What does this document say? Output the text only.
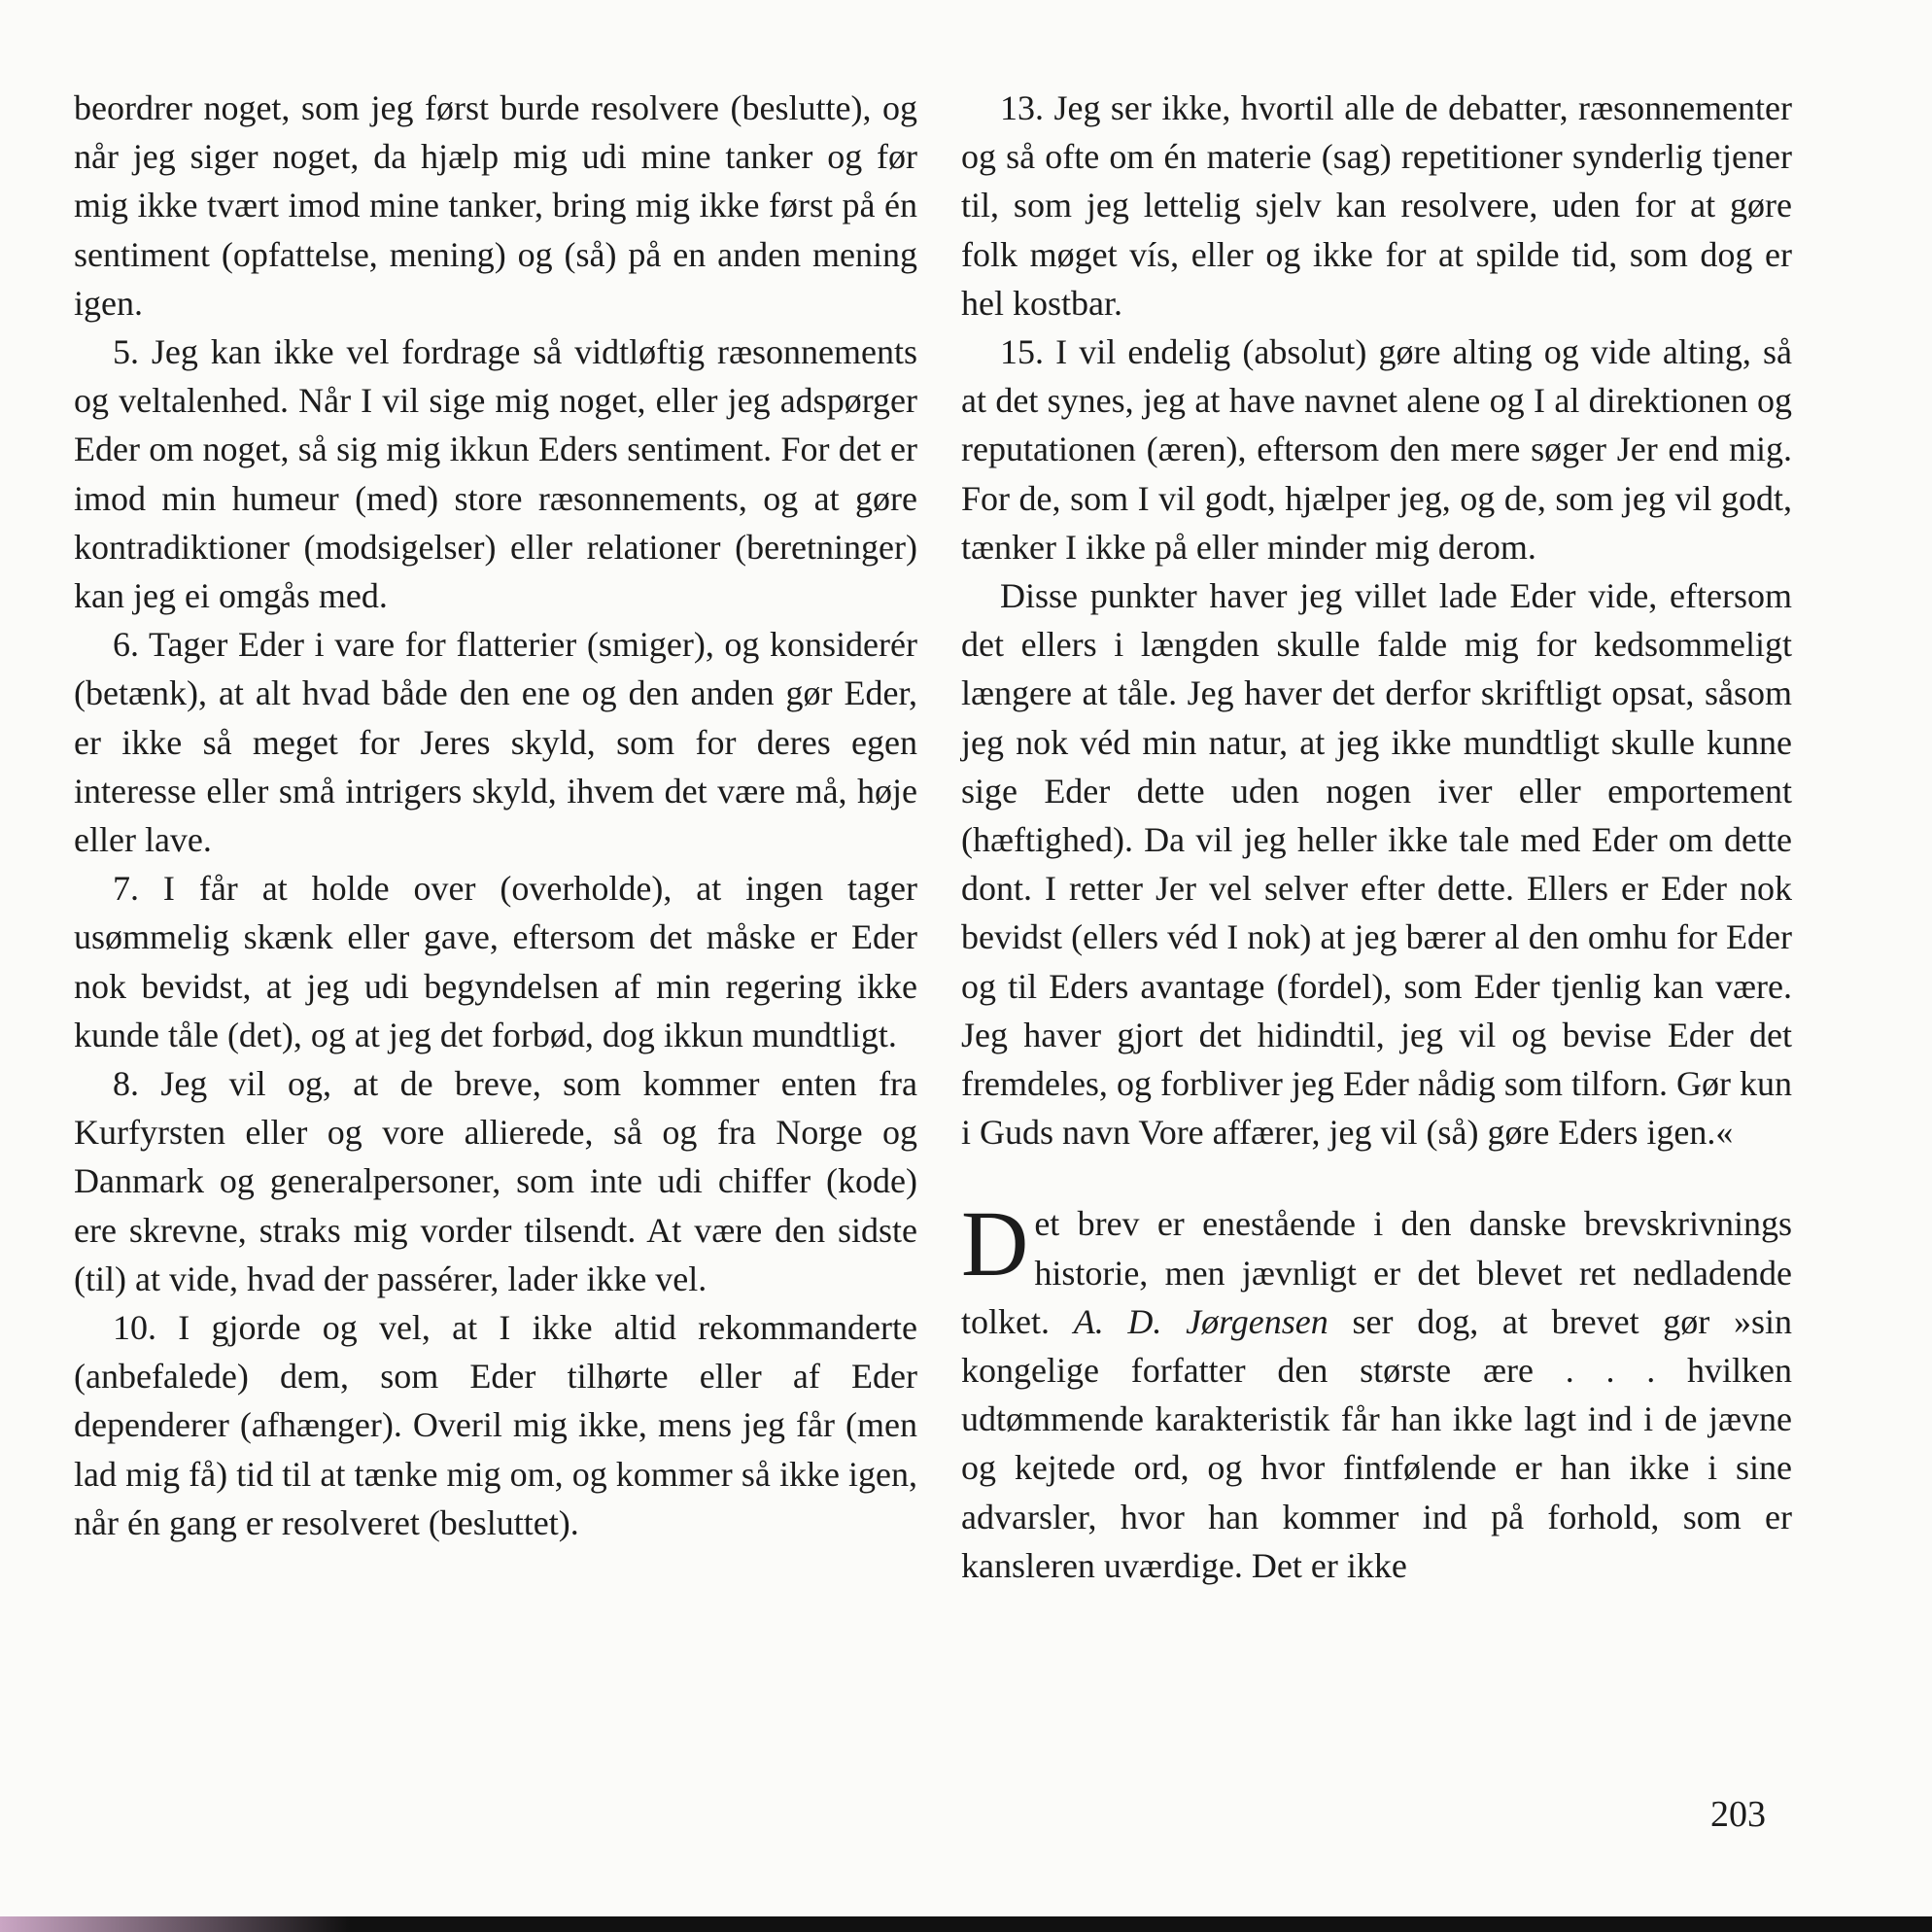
beordrer noget, som jeg først burde resolvere (beslutte), og når jeg siger noget, da hjælp mig udi mine tanker og før mig ikke tvært imod mine tanker, bring mig ikke først på én sentiment (opfattelse, mening) og (så) på en anden mening igen.

5. Jeg kan ikke vel fordrage så vidtløftig ræsonnements og veltalenhed. Når I vil sige mig noget, eller jeg adspørger Eder om noget, så sig mig ikkun Eders sentiment. For det er imod min humeur (med) store ræsonnements, og at gøre kontradiktioner (modsigelser) eller relationer (beretninger) kan jeg ei omgås med.

6. Tager Eder i vare for flatterier (smiger), og konsiderér (betænk), at alt hvad både den ene og den anden gør Eder, er ikke så meget for Jeres skyld, som for deres egen interesse eller små intrigers skyld, ihvem det være må, høje eller lave.

7. I får at holde over (overholde), at ingen tager usømmelig skænk eller gave, eftersom det måske er Eder nok bevidst, at jeg udi begyndelsen af min regering ikke kunde tåle (det), og at jeg det forbød, dog ikkun mundtligt.

8. Jeg vil og, at de breve, som kommer enten fra Kurfyrsten eller og vore allierede, så og fra Norge og Danmark og generalpersoner, som inte udi chiffer (kode) ere skrevne, straks mig vorder tilsendt. At være den sidste (til) at vide, hvad der passérer, lader ikke vel.

10. I gjorde og vel, at I ikke altid rekommanderte (anbefalede) dem, som Eder tilhørte eller af Eder dependerer (afhænger). Overil mig ikke, mens jeg får (men lad mig få) tid til at tænke mig om, og kommer så ikke igen, når én gang er resolveret (besluttet).

13. Jeg ser ikke, hvortil alle de debatter, ræsonnementer og så ofte om én materie (sag) repetitioner synderlig tjener til, som jeg lettelig sjelv kan resolvere, uden for at gøre folk møget vís, eller og ikke for at spilde tid, som dog er hel kostbar.

15. I vil endelig (absolut) gøre alting og vide alting, så at det synes, jeg at have navnet alene og I al direktionen og reputationen (æren), eftersom den mere søger Jer end mig. For de, som I vil godt, hjælper jeg, og de, som jeg vil godt, tænker I ikke på eller minder mig derom.

Disse punkter haver jeg villet lade Eder vide, eftersom det ellers i længden skulle falde mig for kedsommeligt længere at tåle. Jeg haver det derfor skriftligt opsat, såsom jeg nok véd min natur, at jeg ikke mundtligt skulle kunne sige Eder dette uden nogen iver eller emportement (hæftighed). Da vil jeg heller ikke tale med Eder om dette dont. I retter Jer vel selver efter dette. Ellers er Eder nok bevidst (ellers véd I nok) at jeg bærer al den omhu for Eder og til Eders avantage (fordel), som Eder tjenlig kan være. Jeg haver gjort det hidindtil, jeg vil og bevise Eder det fremdeles, og forbliver jeg Eder nådig som tilforn. Gør kun i Guds navn Vore affærer, jeg vil (så) gøre Eders igen.«

Det brev er enestående i den danske brevskrivnings historie, men jævnligt er det blevet ret nedladende tolket. A. D. Jørgensen ser dog, at brevet gør »sin kongelige forfatter den største ære . . . hvilken udtømmende karakteristik får han ikke lagt ind i de jævne og kejtede ord, og hvor fintfølende er han ikke i sine advarsler, hvor han kommer ind på forhold, som er kansleren uværdige. Det er ikke

203
